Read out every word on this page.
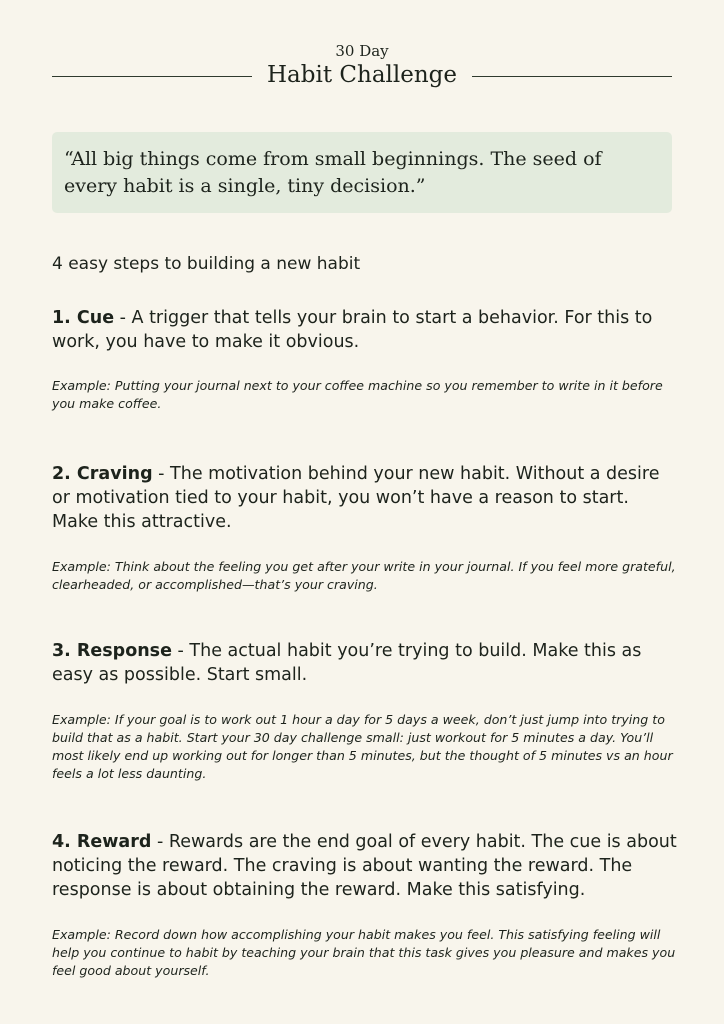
30 Day
Habit Challenge
“All big things come from small beginnings. The seed of every habit is a single, tiny decision.”
4 easy steps to building a new habit

1. Cue - A trigger that tells your brain to start a behavior. For this to work, you have to make it obvious.

Example: Putting your journal next to your coffee machine so you remember to write in it before you make coffee.

2. Craving - The motivation behind your new habit. Without a desire or motivation tied to your habit, you won’t have a reason to start. Make this attractive.

Example: Think about the feeling you get after your write in your journal. If you feel more grateful, clearheaded, or accomplished—that’s your craving.

3. Response - The actual habit you’re trying to build. Make this as easy as possible. Start small.

Example: If your goal is to work out 1 hour a day for 5 days a week, don’t just jump into trying to build that as a habit. Start your 30 day challenge small: just workout for 5 minutes a day. You’ll most likely end up working out for longer than 5 minutes, but the thought of 5 minutes vs an hour feels a lot less daunting.

4. Reward - Rewards are the end goal of every habit. The cue is about noticing the reward. The craving is about wanting the reward. The response is about obtaining the reward. Make this satisfying.

Example: Record down how accomplishing your habit makes you feel. This satisfying feeling will help you continue to habit by teaching your brain that this task gives you pleasure and makes you feel good about yourself.
